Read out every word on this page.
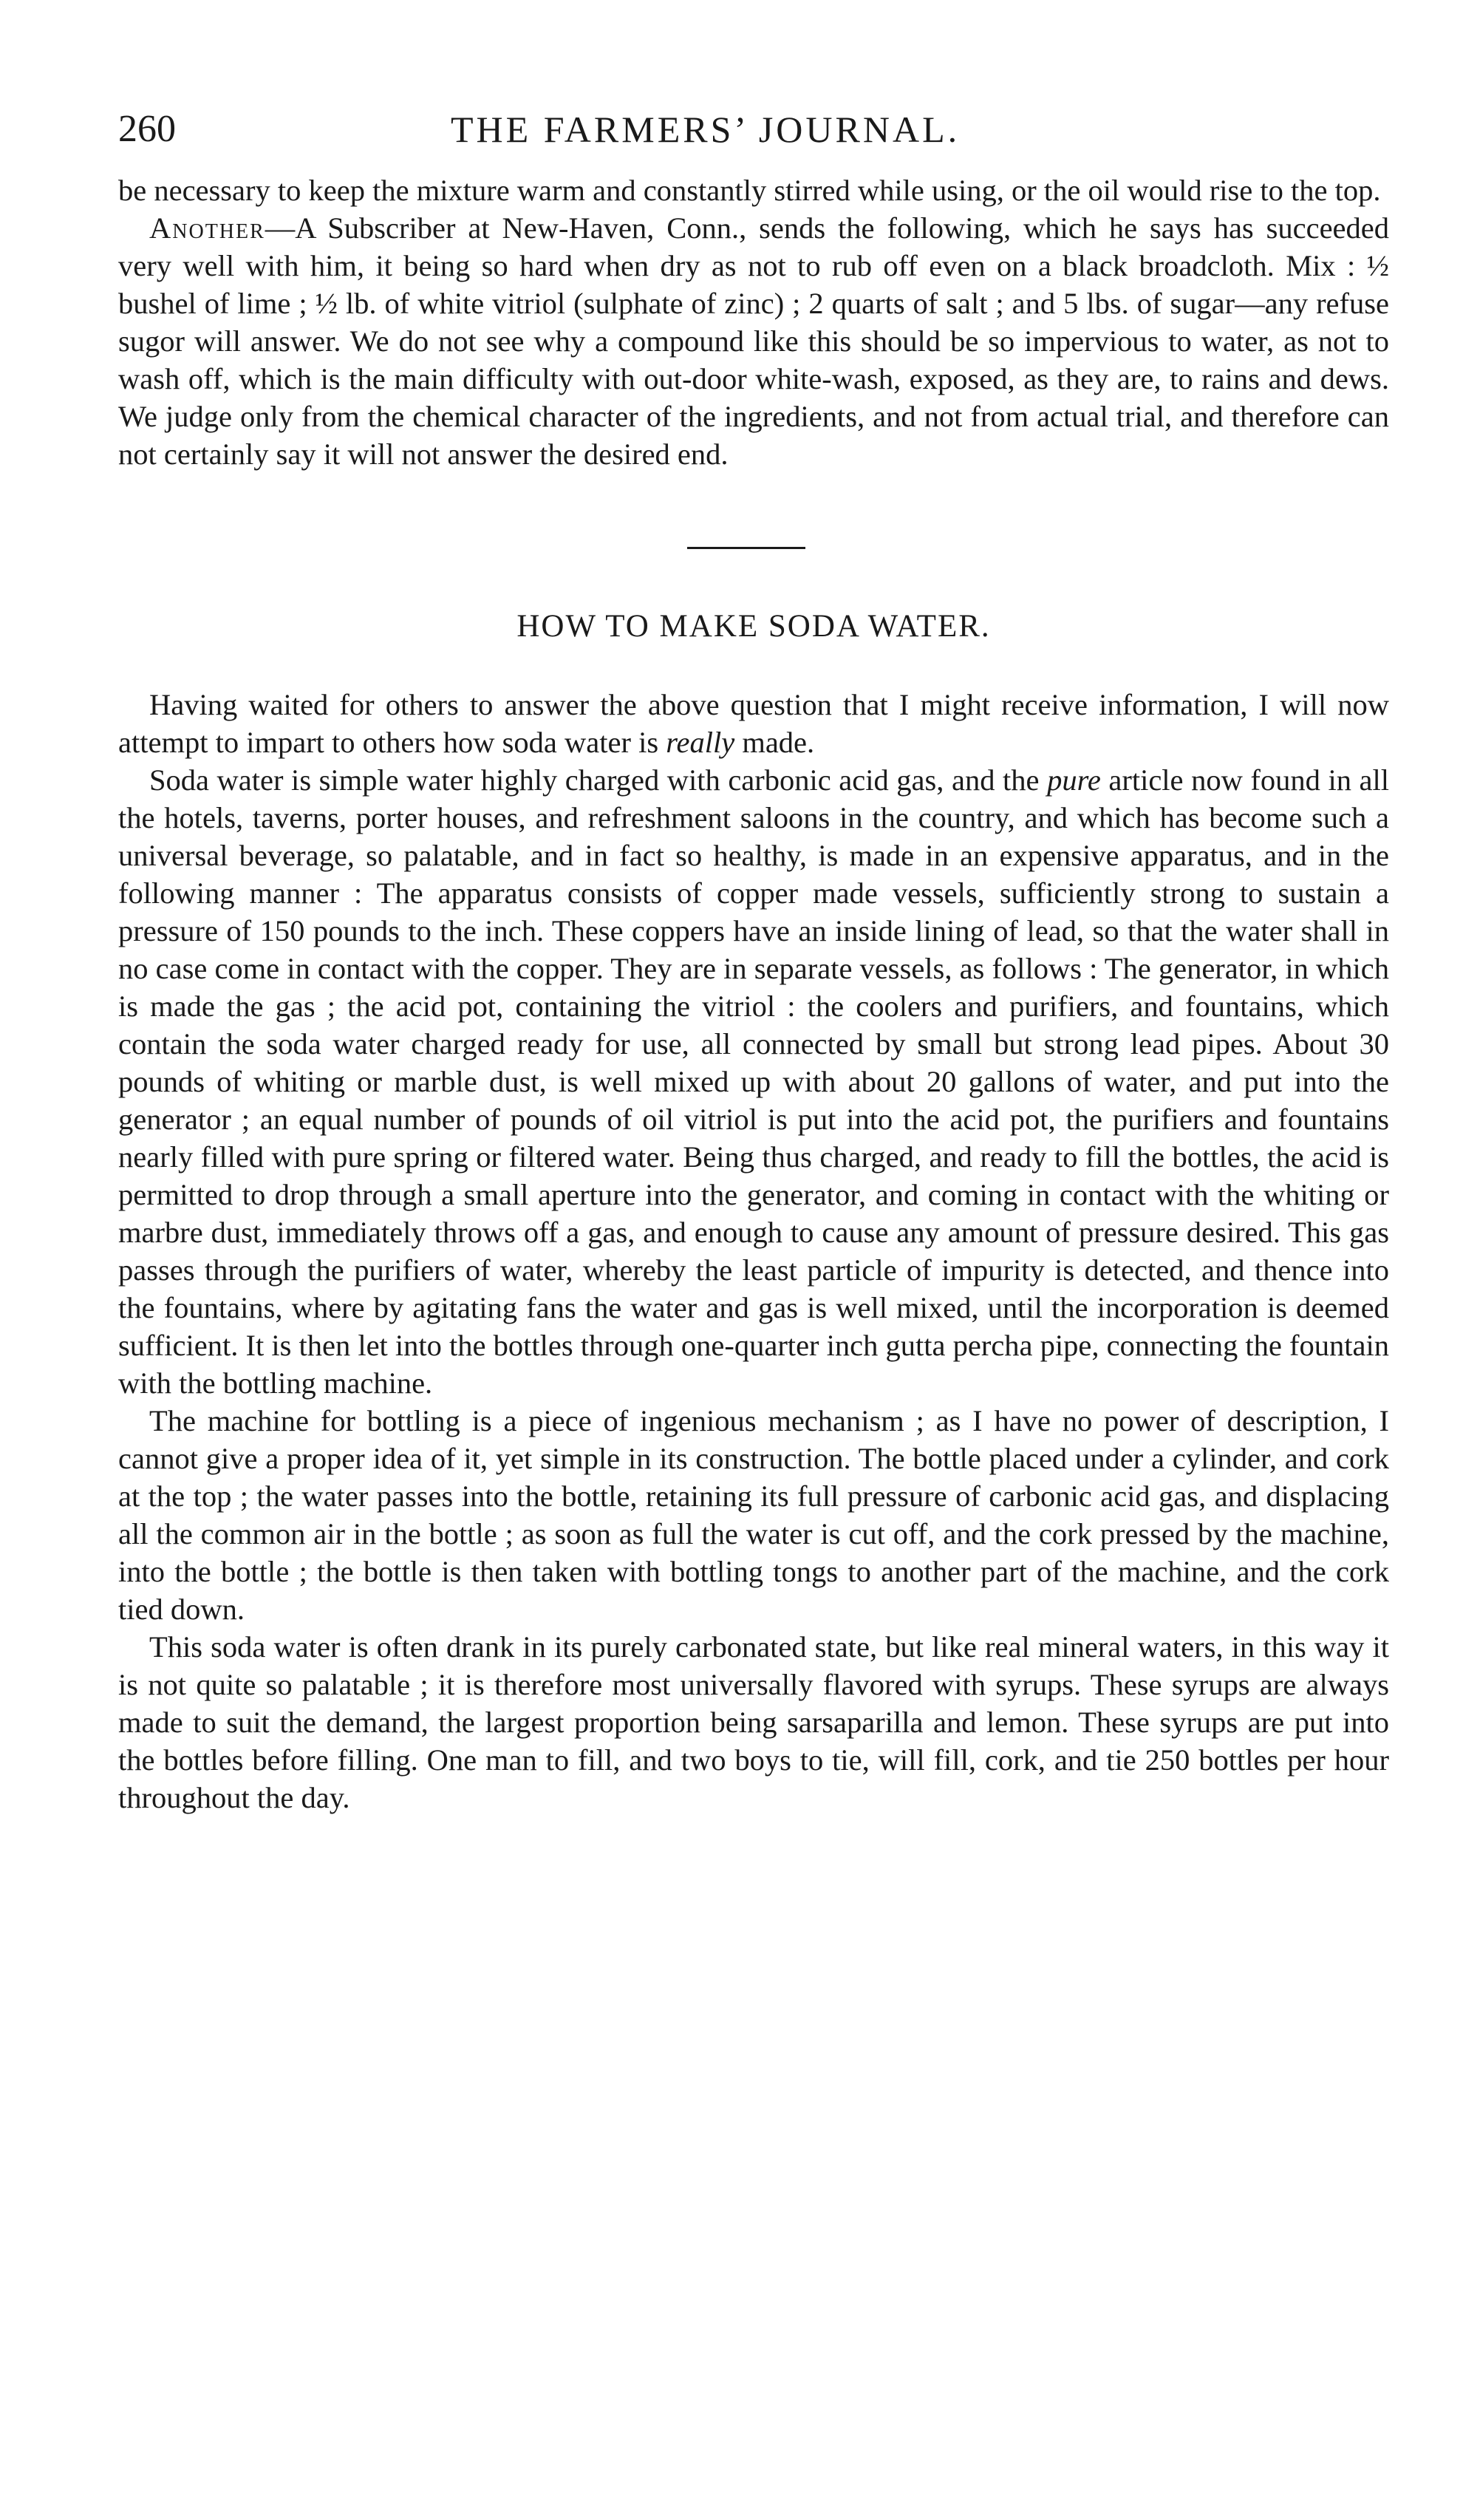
260	THE FARMERS’ JOURNAL.

be necessary to keep the mixture warm and constantly stirred while using, or the oil would rise to the top.

Another—A Subscriber at New-Haven, Conn., sends the following, which he says has succeeded very well with him, it being so hard when dry as not to rub off even on a black broadcloth. Mix : ½ bushel of lime ; ½ lb. of white vitriol (sulphate of zinc) ; 2 quarts of salt ; and 5 lbs. of sugar—any refuse sugor will answer. We do not see why a compound like this should be so impervious to water, as not to wash off, which is the main difficulty with out-door white-wash, exposed, as they are, to rains and dews. We judge only from the chemical character of the ingredients, and not from actual trial, and therefore can not certainly say it will not answer the desired end.

HOW TO MAKE SODA WATER.

Having waited for others to answer the above question that I might receive information, I will now attempt to impart to others how soda water is really made.

Soda water is simple water highly charged with carbonic acid gas, and the pure article now found in all the hotels, taverns, porter houses, and refreshment saloons in the country, and which has become such a universal beverage, so palatable, and in fact so healthy, is made in an expensive apparatus, and in the following manner : The apparatus consists of copper made vessels, sufficiently strong to sustain a pressure of 150 pounds to the inch. These coppers have an inside lining of lead, so that the water shall in no case come in contact with the copper. They are in separate vessels, as follows : The generator, in which is made the gas ; the acid pot, containing the vitriol : the coolers and purifiers, and fountains, which contain the soda water charged ready for use, all connected by small but strong lead pipes. About 30 pounds of whiting or marble dust, is well mixed up with about 20 gallons of water, and put into the generator ; an equal number of pounds of oil vitriol is put into the acid pot, the purifiers and fountains nearly filled with pure spring or filtered water. Being thus charged, and ready to fill the bottles, the acid is permitted to drop through a small aperture into the generator, and coming in contact with the whiting or marbre dust, immediately throws off a gas, and enough to cause any amount of pressure desired. This gas passes through the purifiers of water, whereby the least particle of impurity is detected, and thence into the fountains, where by agitating fans the water and gas is well mixed, until the incorporation is deemed sufficient. It is then let into the bottles through one-quarter inch gutta percha pipe, connecting the fountain with the bottling machine.

The machine for bottling is a piece of ingenious mechanism ; as I have no power of description, I cannot give a proper idea of it, yet simple in its construction. The bottle placed under a cylinder, and cork at the top ; the water passes into the bottle, retaining its full pressure of carbonic acid gas, and displacing all the common air in the bottle ; as soon as full the water is cut off, and the cork pressed by the machine, into the bottle ; the bottle is then taken with bottling tongs to another part of the machine, and the cork tied down.

This soda water is often drank in its purely carbonated state, but like real mineral waters, in this way it is not quite so palatable ; it is therefore most universally flavored with syrups. These syrups are always made to suit the demand, the largest proportion being sarsaparilla and lemon. These syrups are put into the bottles before filling. One man to fill, and two boys to tie, will fill, cork, and tie 250 bottles per hour throughout the day.
